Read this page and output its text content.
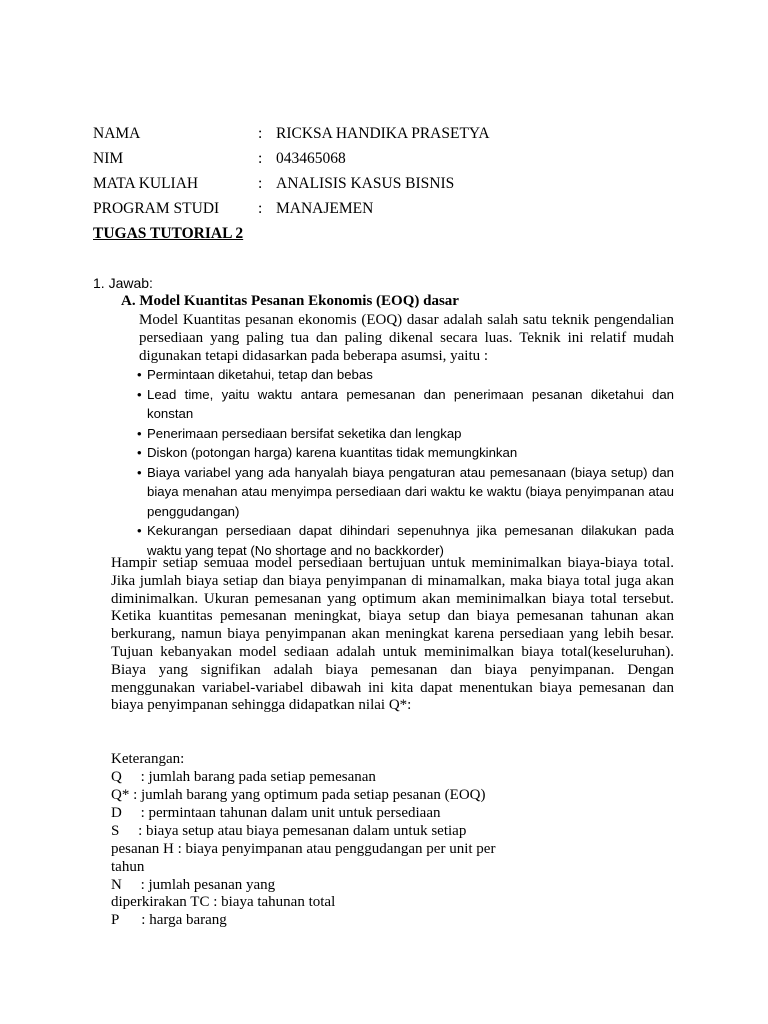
NAMA	: RICKSA HANDIKA PRASETYA
NIM	: 043465068
MATA KULIAH	: ANALISIS KASUS BISNIS
PROGRAM STUDI	: MANAJEMEN
TUGAS TUTORIAL 2
1. Jawab:
A. Model Kuantitas Pesanan Ekonomis (EOQ) dasar
Model Kuantitas pesanan ekonomis (EOQ) dasar adalah salah satu teknik pengendalian persediaan yang paling tua dan paling dikenal secara luas. Teknik ini relatif mudah digunakan tetapi didasarkan pada beberapa asumsi, yaitu :
• Permintaan diketahui, tetap dan bebas
• Lead time, yaitu waktu antara pemesanan dan penerimaan pesanan diketahui dan konstan
• Penerimaan persediaan bersifat seketika dan lengkap
• Diskon (potongan harga) karena kuantitas tidak memungkinkan
• Biaya variabel yang ada hanyalah biaya pengaturan atau pemesanaan (biaya setup) dan biaya menahan atau menyimpa persediaan dari waktu ke waktu (biaya penyimpanan atau penggudangan)
• Kekurangan persediaan dapat dihindari sepenuhnya jika pemesanan dilakukan pada waktu yang tepat (No shortage and no backkorder)
Hampir setiap semuaa model persediaan bertujuan untuk meminimalkan biaya-biaya total. Jika jumlah biaya setiap dan biaya penyimpanan di minamalkan, maka biaya total juga akan diminimalkan. Ukuran pemesanan yang optimum akan meminimalkan biaya total tersebut. Ketika kuantitas pemesanan meningkat, biaya setup dan biaya pemesanan tahunan akan berkurang, namun biaya penyimpanan akan meningkat karena persediaan yang lebih besar. Tujuan kebanyakan model sediaan adalah untuk meminimalkan biaya total(keseluruhan). Biaya yang signifikan adalah biaya pemesanan dan biaya penyimpanan. Dengan menggunakan variabel-variabel dibawah ini kita dapat menentukan biaya pemesanan dan biaya penyimpanan sehingga didapatkan nilai Q*:
Keterangan:
Q     : jumlah barang pada setiap pemesanan
Q* : jumlah barang yang optimum pada setiap pesanan (EOQ)
D     : permintaan tahunan dalam unit untuk persediaan
S     : biaya setup atau biaya pemesanan dalam untuk setiap
pesanan H : biaya penyimpanan atau penggudangan per unit per
tahun
N     : jumlah pesanan yang
diperkirakan TC : biaya tahunan total
P      : harga barang
